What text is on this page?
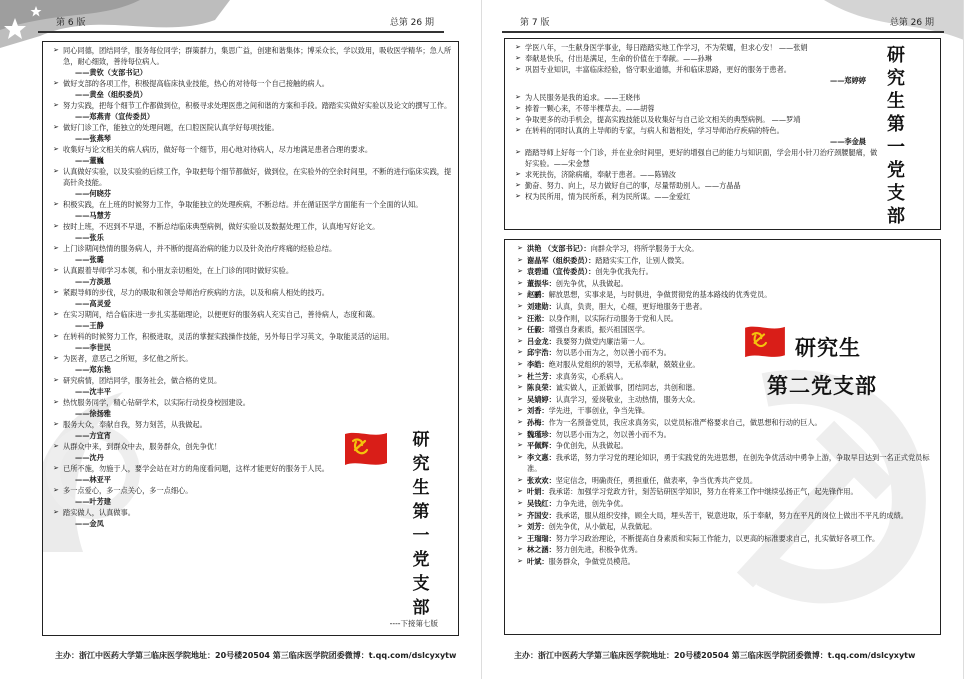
第 6 版	总第 26 期
➢ 同心同德，团结同学，服务每位同学；群策群力，集思广益，创建和谐集体；博采众长，学以致用，吸收医学精华；急人所急，耐心细致，善待每位病人。
——黄钦（支部书记）
➢ 做好支部的各项工作，积极提高临床执业技能，热心的对待每一个自己接触的病人。
——黄垒（组织委员）
➢ 努力实践，把每个细节工作都做到位，积极寻求处理医患之间和谐的方案和手段。踏踏实实做好实验以及论文的撰写工作。
——郑燕青（宣传委员）
➢ 做好门诊工作，能独立的处理问题，在口腔医院认真学好每项技能。
——张燕琴
➢ 收集好与论文相关的病人病历，做好每一个细节，用心地对待病人，尽力地满足患者合理的要求。
——董巍
➢ 认真做好实验，以及实验的后续工作，争取把每个细节都做好，做到位，在实验外的空余时间里，不断的进行临床实践，提高针灸技能。
——何晓芬
➢ 积极实践，在上班的时候努力工作，争取能独立的处理疾病，不断总结。并在循证医学方面能有一个全面的认知。
——马慧芳
➢ 按时上班，不迟到不早退，不断总结临床典型病例，做好实验以及数据处理工作，认真地写好论文。
——张乐
➢ 上门诊期间热情的服务病人，并不断的提高治病的能力以及针灸治疗疼痛的经验总结。
——张璐
➢ 认真跟着导师学习本领，和小朋友亲切相处，在上门诊的同时做好实验。
——方淡恩
➢ 紧跟导师的步伐，尽力的吸取和领会导师治疗疾病的方法，以及和病人相处的技巧。
——高灵爱
➢ 在实习期间，结合临床进一步扎实基础理论，以便更好的服务病人充实自己，善待病人，态度和蔼。
——王静
➢ 在转科的时候努力工作，积极进取，灵活的掌握实践操作技能，另外每日学习英文，争取能灵活的运用。
——李世民
➢ 为医者，意恶己之所短，多忆他之所长。
——郑东艳
➢ 研究病情，团结同学，服务社会，做合格的党员。
——沈丰平
➢ 热忱服务同学，精心钻研学术，以实际行动投身校园建设。
——徐扬雅
➢ 服务大众，奉献自我，努力刻苦，从我做起。
——方宜宵
➢ 从群众中来，到群众中去，服务群众，创先争优！
——沈丹
➢ 已所不施，勿施于人，要学会站在对方的角度看问题，这样才能更好的服务于人民。
——林亚平
➢ 多一点爱心，多一点关心，多一点细心。
——叶芳建
➢ 踏实做人，认真做事。
——金凤
研
究
生
第
一
党
支
部
----下接第七版
主办：浙江中医药大学第三临床医学院地址：20号楼20504 第三临床医学院团委微博：t.qq.com/dslcyxytw
第 7 版	总第 26 期
➢ 学医八年，一生献身医学事业，每日踏踏实地工作学习，不为荣耀，但求心安！ ——张娟
➢ 奉献是快乐，付出是满足，生命的价值在于奉献。——孙琳
➢ 巩固专业知识，丰富临床经验，恪守职业道德，并和临床思路，更好的服务于患者。
——郑婷婷
➢ 为人民服务是我的追求。——王晓伟
➢ 捧着一颗心来，不带半棵草去。——胡蓉
➢ 争取更多的动手机会，提高实践技能以及收集好与自己论文相关的典型病例。 ——罗靖
➢ 在转科的同时认真的上导师的专家，与病人和谐相处，学习导师治疗疾病的特色。
——李金晨
➢ 踏踏导师上好每一个门诊，并在业余时间里，更好的增强自己的能力与知识面，学会用小针刀治疗颈腰腿痛，做好实验。——宋金慧
➢ 求死扶伤，济除病痛，奉献于患者。——陈锦汝
➢ 勤奋、努力、向上，尽力做好自己的事，尽量帮助别人。——方晶晶
➢ 权为民所用，情为民所系，利为民所谋。——金爱红
研
究
生
第
一
党
支
部
➢ 洪艳 （支部书记）：向群众学习，将所学服务于大众。
➢ 谢晶军（组织委员）：踏踏实实工作，让别人微笑。
➢ 袁碧通（宣传委员）：创先争优我先行。
➢ 董振华：创先争优，从我做起。
➢ 赵鹂：解放思想，实事求是，与时俱进，争做贯彻党的基本路线的优秀党员。
➢ 刘建勋：认真，负责，胆大，心细，更好地服务于患者。
➢ 汪淞：以身作则，以实际行动服务于党和人民。
➢ 任毅：增强自身素质，振兴祖国医学。
➢ 吕金龙：我要努力做党内廉洁第一人。
➢ 邱宇浩：勿以恶小而为之，勿以善小而不为。
➢ 李皓：绝对服从党组织的领导，无私奉献，兢兢业业。
➢ 杜兰芳：求真务实，心系病人。
➢ 陈良荣：诚实做人，正派做事，团结同志，共创和谐。
➢ 吴婧婷：认真学习，爱岗敬业，主动热情，服务大众。
➢ 刘香：学先进，干事创业，争当先锋。
➢ 孙梅：作为一名预备党员，我应求真务实，以党员标准严格要求自己，做思想和行动的巨人。
➢ 魏瑾珍：勿以恶小而为之，勿以善小而不为。
➢ 平佩辉：争优创先，从我做起。
➢ 李文惠：我承诺，努力学习党的理论知识，勇于实践党的先进思想，在创先争优活动中勇争上游，争取早日达到一名正式党员标准。
➢ 张欢欢：坚定信念，明确责任，勇担重任，做表率，争当优秀共产党员。
➢ 叶娟：我承诺：加强学习党政方针，刻苦钻研医学知识，努力在将来工作中继续弘扬正气，起先锋作用。
➢ 吴钱红：力争先进，创先争优。
➢ 齐国安：我承诺，服从组织安排，顾全大局，埋头苦干，锐意进取，乐于奉献，努力在平凡的岗位上做出不平凡的成绩。
➢ 刘芳：创先争优，从小做起，从我做起。
➢ 王瑞瑞：努力学习政治理论，不断提高自身素质和实际工作能力，以更高的标准要求自己，扎实做好各项工作。
➢ 林之涵：努力创先进，积极争优秀。
➢ 叶斌：服务群众，争做党员模范。
研究生
第二党支部
主办：浙江中医药大学第三临床医学院地址：20号楼20504 第三临床医学院团委微博：t.qq.com/dslcyxytw
